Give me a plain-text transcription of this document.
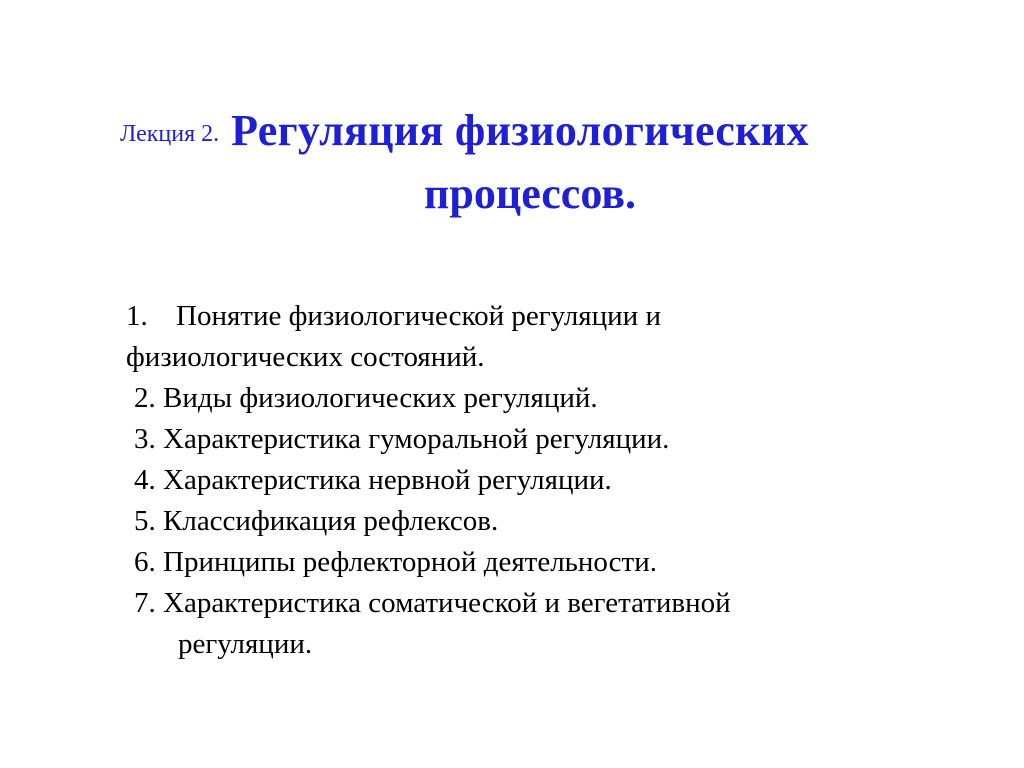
Лекция 2. Регуляция физиологических
процессов.
1. Понятие физиологической регуляции и
физиологических состояний.
2. Виды физиологических регуляций.
3. Характеристика гуморальной регуляции.
4. Характеристика нервной регуляции.
5. Классификация рефлексов.
6. Принципы рефлекторной деятельности.
7. Характеристика соматической и вегетативной
регуляции.
